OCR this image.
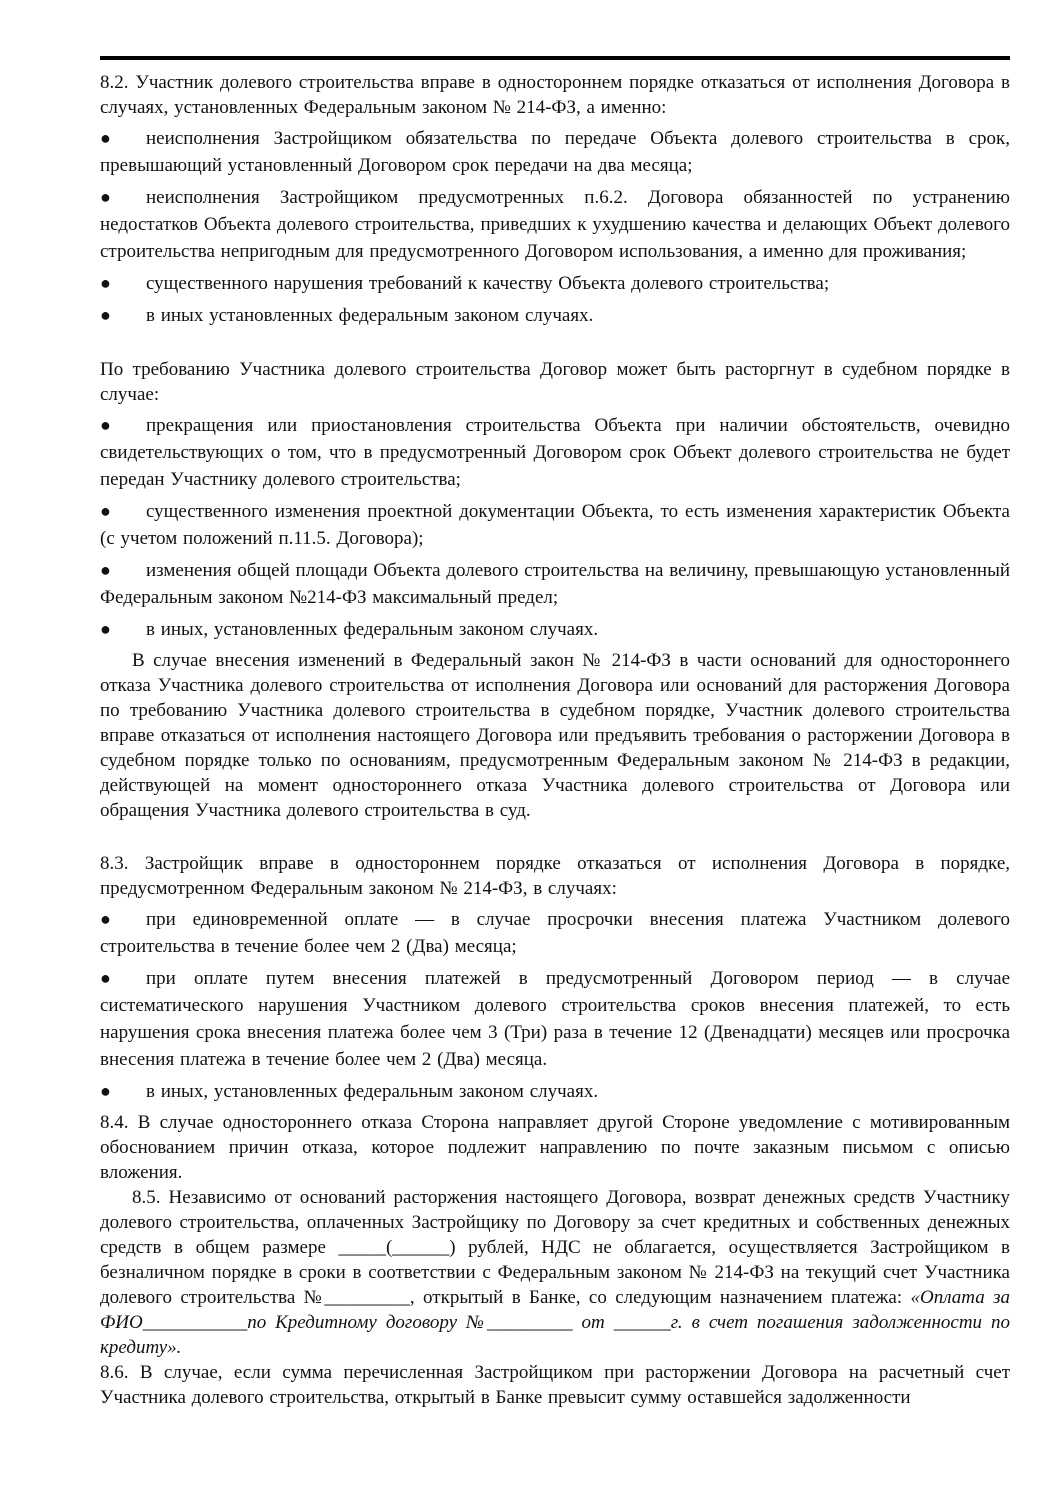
8.2. Участник долевого строительства вправе в одностороннем порядке отказаться от исполнения Договора в случаях, установленных Федеральным законом № 214-ФЗ, а именно:

● неисполнения Застройщиком обязательства по передаче Объекта долевого строительства в срок, превышающий установленный Договором срок передачи на два месяца;

● неисполнения Застройщиком предусмотренных п.6.2. Договора обязанностей по устранению недостатков Объекта долевого строительства, приведших к ухудшению качества и делающих Объект долевого строительства непригодным для предусмотренного Договором использования, а именно для проживания;

● существенного нарушения требований к качеству Объекта долевого строительства;

● в иных установленных федеральным законом случаях.

По требованию Участника долевого строительства Договор может быть расторгнут в судебном порядке в случае:

● прекращения или приостановления строительства Объекта при наличии обстоятельств, очевидно свидетельствующих о том, что в предусмотренный Договором срок Объект долевого строительства не будет передан Участнику долевого строительства;

● существенного изменения проектной документации Объекта, то есть изменения характеристик Объекта (с учетом положений п.11.5. Договора);

● изменения общей площади Объекта долевого строительства на величину, превышающую установленный Федеральным законом №214-ФЗ максимальный предел;

● в иных, установленных федеральным законом случаях.

В случае внесения изменений в Федеральный закон № 214-ФЗ в части оснований для одностороннего отказа Участника долевого строительства от исполнения Договора или оснований для расторжения Договора по требованию Участника долевого строительства в судебном порядке, Участник долевого строительства вправе отказаться от исполнения настоящего Договора или предъявить требования о расторжении Договора в судебном порядке только по основаниям, предусмотренным Федеральным законом № 214-ФЗ в редакции, действующей на момент одностороннего отказа Участника долевого строительства от Договора или обращения Участника долевого строительства в суд.

8.3. Застройщик вправе в одностороннем порядке отказаться от исполнения Договора в порядке, предусмотренном Федеральным законом № 214-ФЗ, в случаях:

● при единовременной оплате — в случае просрочки внесения платежа Участником долевого строительства в течение более чем 2 (Два) месяца;

● при оплате путем внесения платежей в предусмотренный Договором период — в случае систематического нарушения Участником долевого строительства сроков внесения платежей, то есть нарушения срока внесения платежа более чем 3 (Три) раза в течение 12 (Двенадцати) месяцев или просрочка внесения платежа в течение более чем 2 (Два) месяца.

● в иных, установленных федеральным законом случаях.

8.4. В случае одностороннего отказа Сторона направляет другой Стороне уведомление с мотивированным обоснованием причин отказа, которое подлежит направлению по почте заказным письмом с описью вложения.

8.5. Независимо от оснований расторжения настоящего Договора, возврат денежных средств Участнику долевого строительства, оплаченных Застройщику по Договору за счет кредитных и собственных денежных средств в общем размере _____(______) рублей, НДС не облагается, осуществляется Застройщиком в безналичном порядке в сроки в соответствии с Федеральным законом № 214-ФЗ на текущий счет Участника долевого строительства №_________, открытый в Банке, со следующим назначением платежа: «Оплата за ФИО___________по Кредитному договору №_________ от ______г. в счет погашения задолженности по кредиту».

8.6. В случае, если сумма перечисленная Застройщиком при расторжении Договора на расчетный счет Участника долевого строительства, открытый в Банке превысит сумму оставшейся задолженности
